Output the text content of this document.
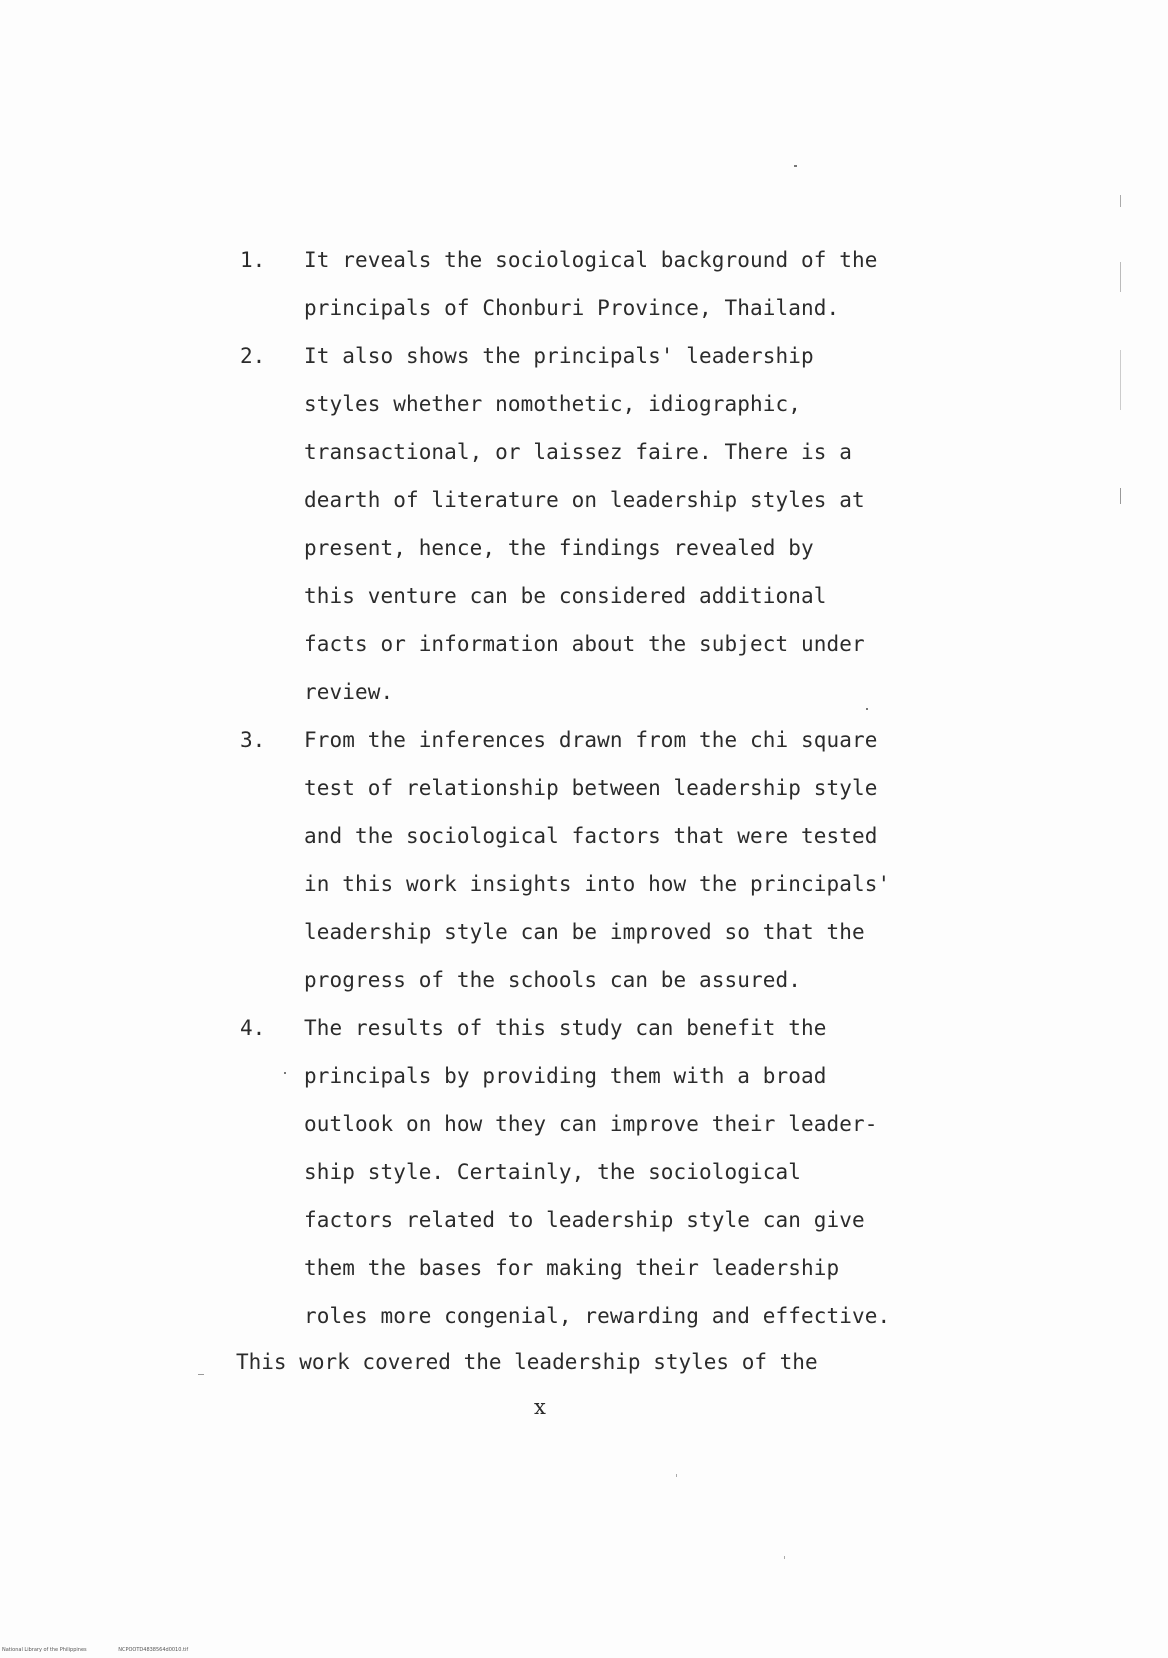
1.	It reveals the sociological background of the
principals of Chonburi Province, Thailand.
2.	It also shows the principals' leadership
styles whether nomothetic, idiographic,
transactional, or laissez faire. There is a
dearth of literature on leadership styles at
present, hence, the findings revealed by
this venture can be considered additional
facts or information about the subject under
review.
3.	From the inferences drawn from the chi square
test of relationship between leadership style
and the sociological factors that were tested
in this work insights into how the principals'
leadership style can be improved so that the
progress of the schools can be assured.
4.	The results of this study can benefit the
principals by providing them with a broad
outlook on how they can improve their leader-
ship style. Certainly, the sociological
factors related to leadership style can give
them the bases for making their leadership
roles more congenial, rewarding and effective.
This work covered the leadership styles of the
x
National Library of the Philippines	NCPOOTD4838564d0010.tif
